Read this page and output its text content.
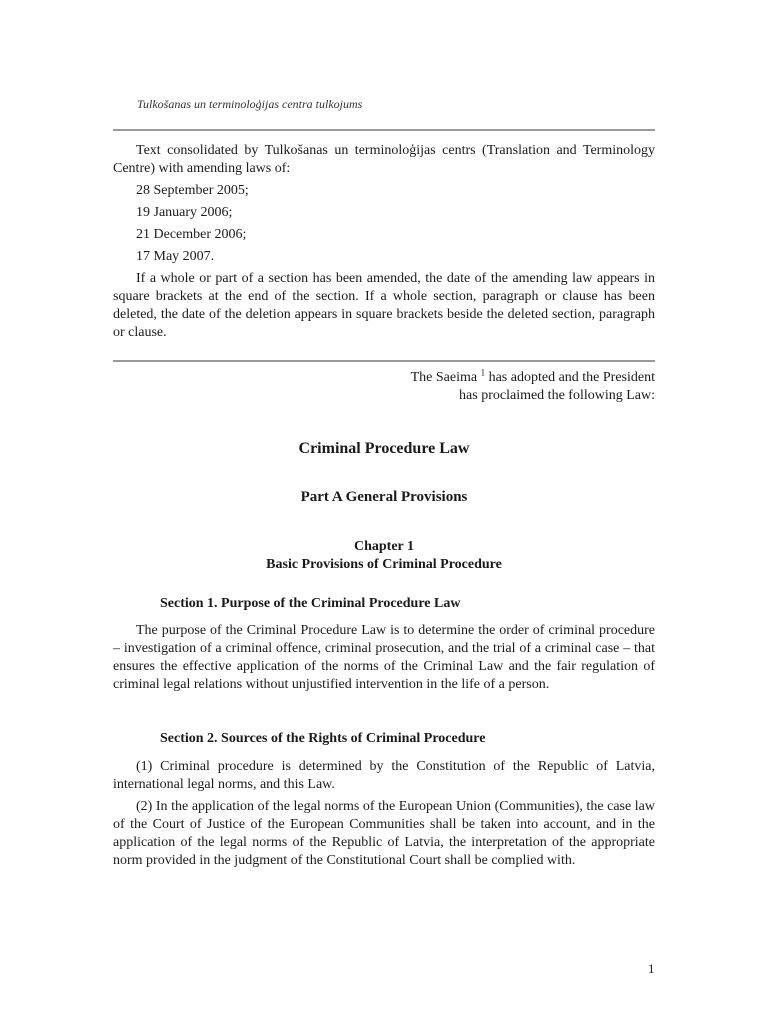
Tulkošanas un terminoloģijas centra tulkojums

Text consolidated by Tulkošanas un terminoloģijas centrs (Translation and Terminology Centre) with amending laws of:

28 September 2005;

19 January 2006;

21 December 2006;

17 May 2007.

If a whole or part of a section has been amended, the date of the amending law appears in square brackets at the end of the section. If a whole section, paragraph or clause has been deleted, the date of the deletion appears in square brackets beside the deleted section, paragraph or clause.

The Saeima $^1$ has adopted and the President

has proclaimed the following Law:

Criminal Procedure Law
Part A General Provisions
Chapter 1
Basic Provisions of Criminal Procedure
Section 1. Purpose of the Criminal Procedure Law

The purpose of the Criminal Procedure Law is to determine the order of criminal procedure – investigation of a criminal offence, criminal prosecution, and the trial of a criminal case – that ensures the effective application of the norms of the Criminal Law and the fair regulation of criminal legal relations without unjustified intervention in the life of a person.

Section 2. Sources of the Rights of Criminal Procedure

(1) Criminal procedure is determined by the Constitution of the Republic of Latvia, international legal norms, and this Law.

(2) In the application of the legal norms of the European Union (Communities), the case law of the Court of Justice of the European Communities shall be taken into account, and in the application of the legal norms of the Republic of Latvia, the interpretation of the appropriate norm provided in the judgment of the Constitutional Court shall be complied with.

1
